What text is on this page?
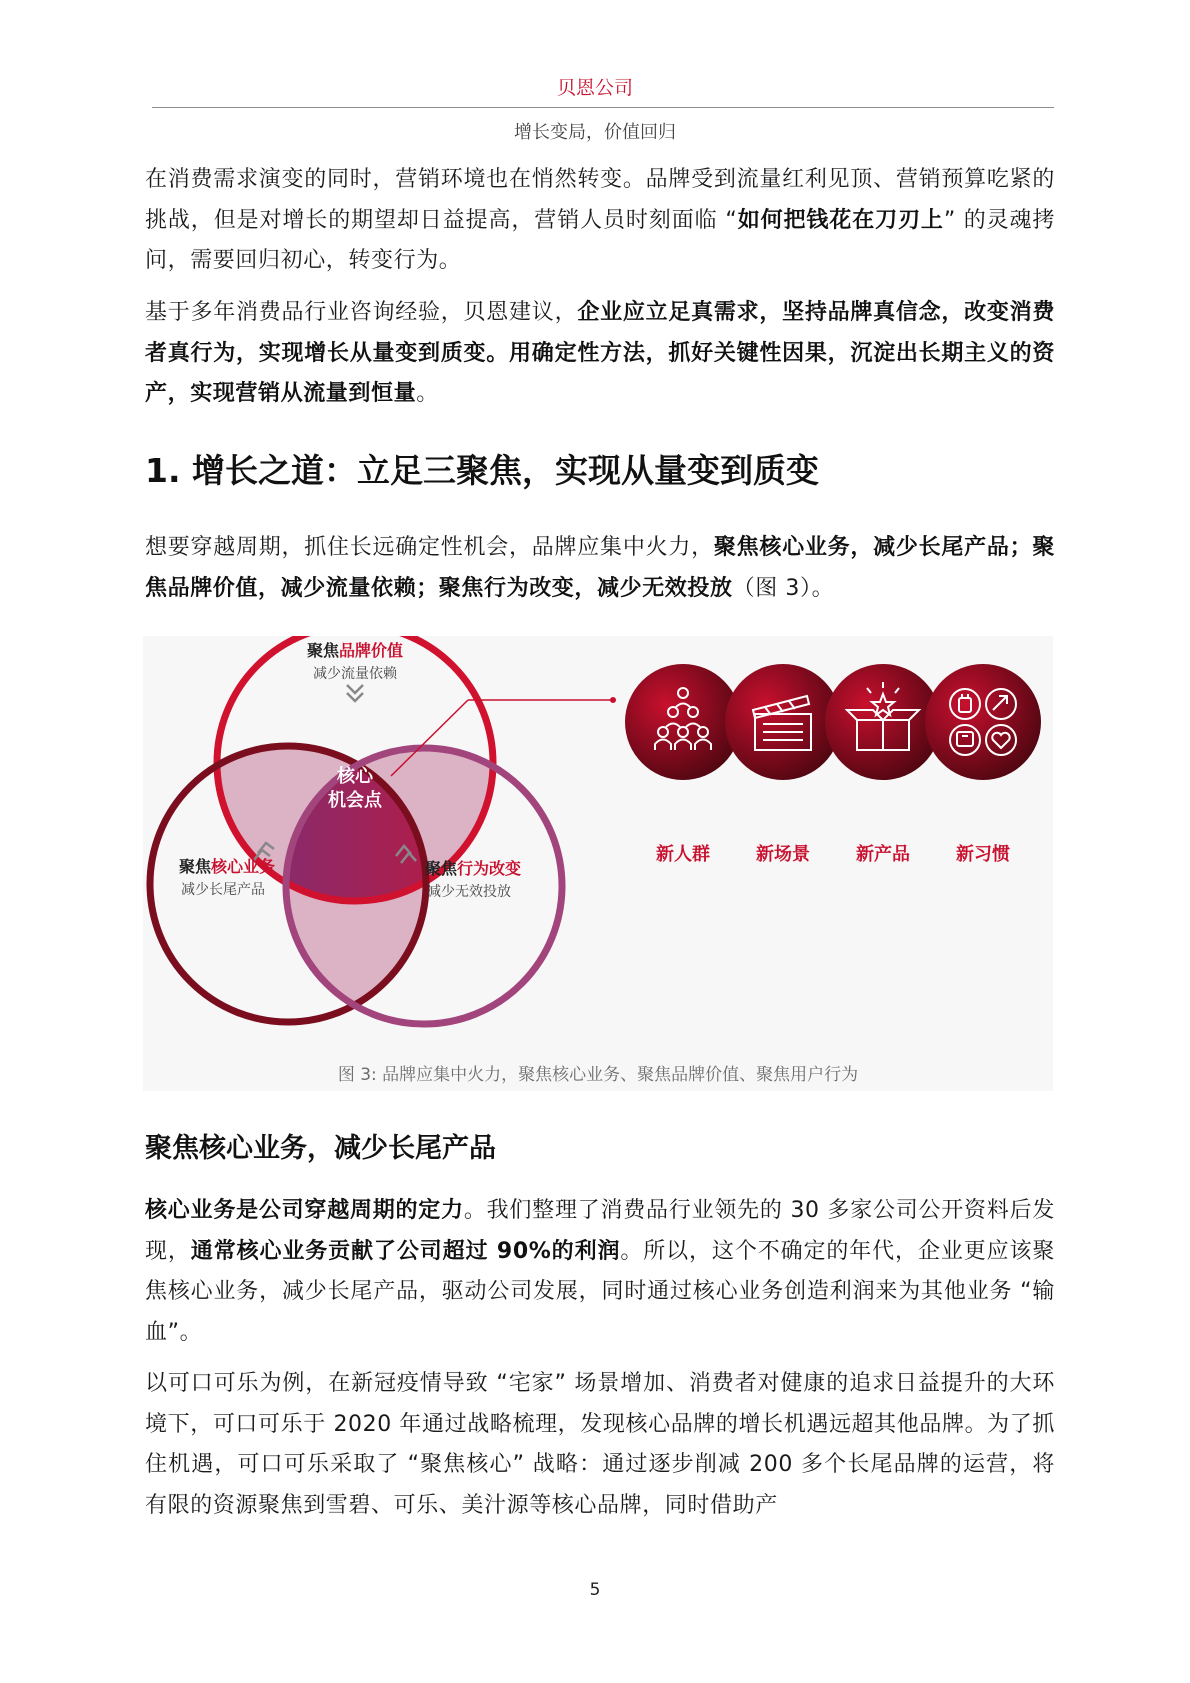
贝恩公司
增长变局，价值回归

在消费需求演变的同时，营销环境也在悄然转变。品牌受到流量红利见顶、营销预算吃紧的挑战，但是对增长的期望却日益提高，营销人员时刻面临 “如何把钱花在刀刃上” 的灵魂拷问，需要回归初心，转变行为。

基于多年消费品行业咨询经验，贝恩建议，企业应立足真需求，坚持品牌真信念，改变消费者真行为，实现增长从量变到质变。用确定性方法，抓好关键性因果，沉淀出长期主义的资产，实现营销从流量到恒量。

1. 增长之道：立足三聚焦，实现从量变到质变

想要穿越周期，抓住长远确定性机会，品牌应集中火力，聚焦核心业务，减少长尾产品；聚焦品牌价值，减少流量依赖；聚焦行为改变，减少无效投放（图 3）。

聚焦品牌价值
减少流量依赖
聚焦核心业务
减少长尾产品
聚焦行为改变
减少无效投放
核心
机会点
新人群	新场景	新产品	新习惯
图 3: 品牌应集中火力，聚焦核心业务、聚焦品牌价值、聚焦用户行为
聚焦核心业务，减少长尾产品

核心业务是公司穿越周期的定力。我们整理了消费品行业领先的 30 多家公司公开资料后发现，通常核心业务贡献了公司超过 90%的利润。所以，这个不确定的年代，企业更应该聚焦核心业务，减少长尾产品，驱动公司发展，同时通过核心业务创造利润来为其他业务 “输血”。

以可口可乐为例，在新冠疫情导致 “宅家” 场景增加、消费者对健康的追求日益提升的大环境下，可口可乐于 2020 年通过战略梳理，发现核心品牌的增长机遇远超其他品牌。为了抓住机遇，可口可乐采取了 “聚焦核心” 战略：通过逐步削减 200 多个长尾品牌的运营，将有限的资源聚焦到雪碧、可乐、美汁源等核心品牌，同时借助产

5
